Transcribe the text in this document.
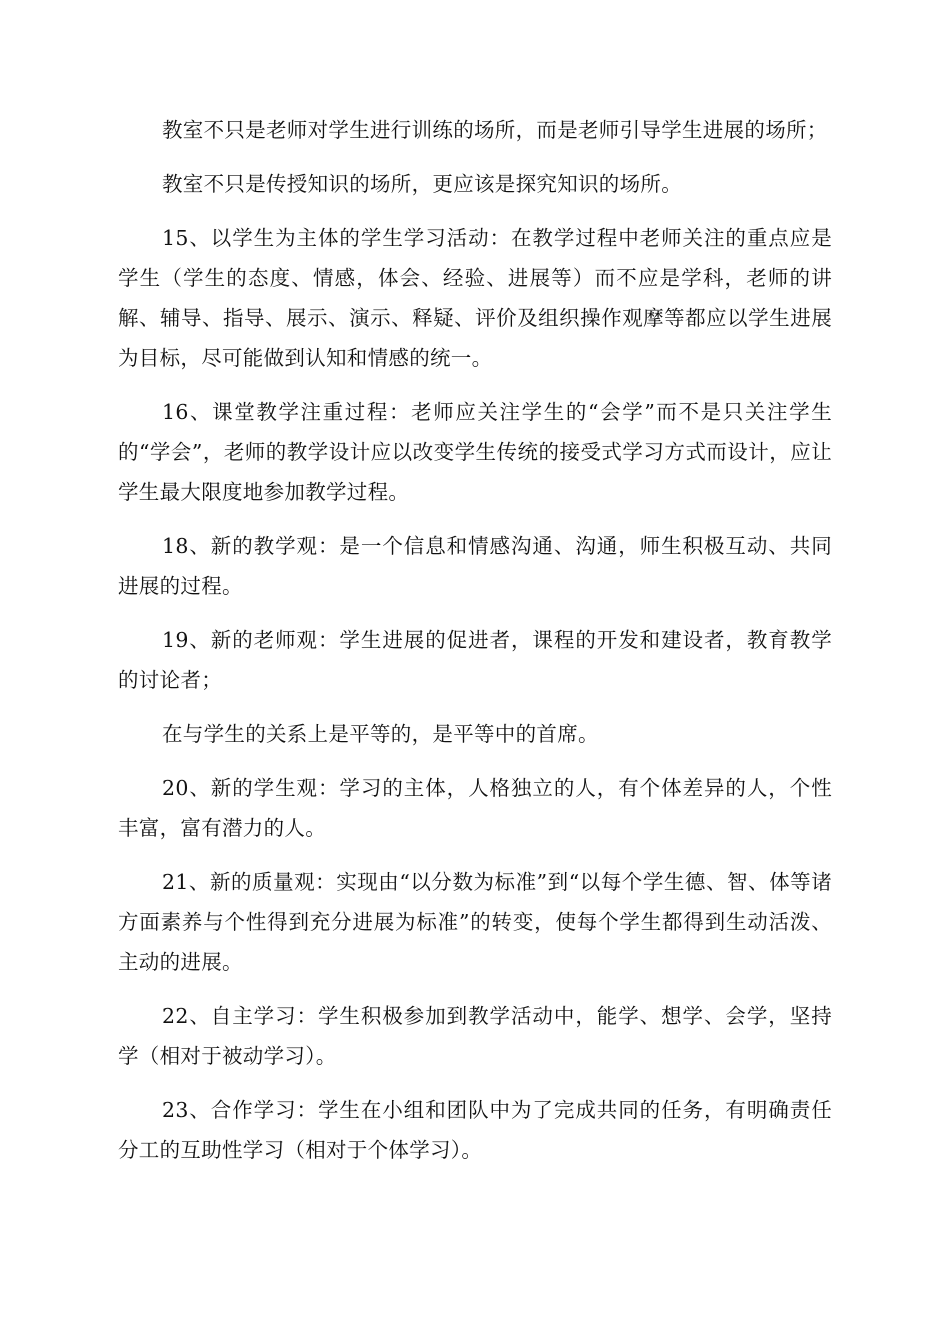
教室不只是老师对学生进行训练的场所，而是老师引导学生进展的场所；

教室不只是传授知识的场所，更应该是探究知识的场所。

15、以学生为主体的学生学习活动：在教学过程中老师关注的重点应是学生（学生的态度、情感，体会、经验、进展等）而不应是学科，老师的讲解、辅导、指导、展示、演示、释疑、评价及组织操作观摩等都应以学生进展为目标，尽可能做到认知和情感的统一。

16、课堂教学注重过程：老师应关注学生的“会学”而不是只关注学生的“学会”，老师的教学设计应以改变学生传统的接受式学习方式而设计，应让学生最大限度地参加教学过程。

18、新的教学观：是一个信息和情感沟通、沟通，师生积极互动、共同进展的过程。

19、新的老师观：学生进展的促进者，课程的开发和建设者，教育教学的讨论者；

在与学生的关系上是平等的，是平等中的首席。

20、新的学生观：学习的主体，人格独立的人，有个体差异的人，个性丰富，富有潜力的人。

21、新的质量观：实现由“以分数为标准”到“以每个学生德、智、体等诸方面素养与个性得到充分进展为标准”的转变，使每个学生都得到生动活泼、主动的进展。

22、自主学习：学生积极参加到教学活动中，能学、想学、会学，坚持学（相对于被动学习）。

23、合作学习：学生在小组和团队中为了完成共同的任务，有明确责任分工的互助性学习（相对于个体学习）。
